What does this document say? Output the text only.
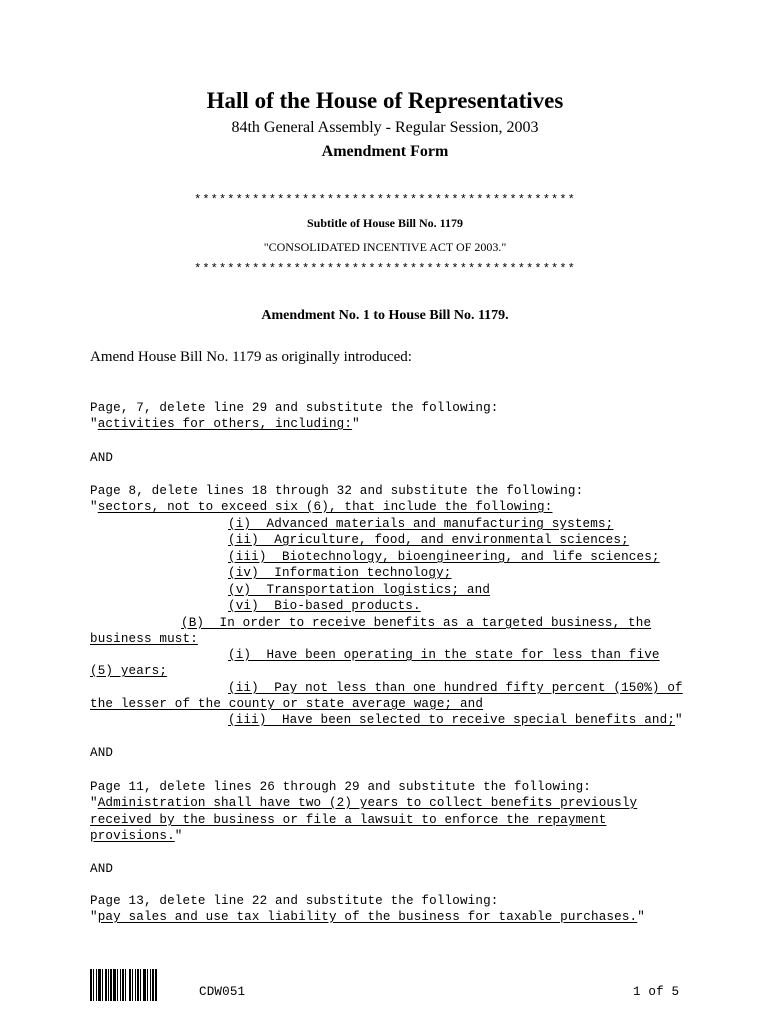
Hall of the House of Representatives
84th General Assembly - Regular Session, 2003
Amendment Form
**********************************************
Subtitle of House Bill No. 1179
"CONSOLIDATED INCENTIVE ACT OF 2003."
**********************************************
Amendment No. 1 to House Bill No. 1179.
Amend House Bill No. 1179 as originally introduced:
Page, 7, delete line 29 and substitute the following:
"activities for others, including:"
AND
Page 8, delete lines 18 through 32 and substitute the following:
"sectors, not to exceed six (6), that include the following:
(i)  Advanced materials and manufacturing systems;
(ii)  Agriculture, food, and environmental sciences;
(iii)  Biotechnology, bioengineering, and life sciences;
(iv)  Information technology;
(v)  Transportation logistics; and
(vi)  Bio-based products.
(B)  In order to receive benefits as a targeted business, the
business must:
(i)  Have been operating in the state for less than five
(5) years;
(ii)  Pay not less than one hundred fifty percent (150%) of
the lesser of the county or state average wage; and
(iii)  Have been selected to receive special benefits and;"
AND
Page 11, delete lines 26 through 29 and substitute the following:
"Administration shall have two (2) years to collect benefits previously
received by the business or file a lawsuit to enforce the repayment
provisions."
AND
Page 13, delete line 22 and substitute the following:
"pay sales and use tax liability of the business for taxable purchases."
CDW051	1 of 5
